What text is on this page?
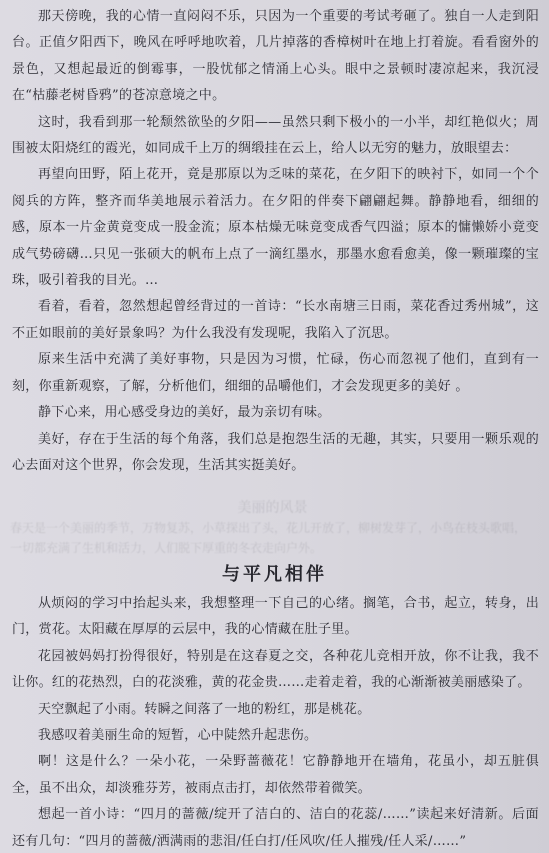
那天傍晚，我的心情一直闷闷不乐，只因为一个重要的考试考砸了。独自一人走到阳台。正值夕阳西下，晚风在呼呼地吹着，几片掉落的香樟树叶在地上打着旋。看看窗外的景色，又想起最近的倒霉事，一股忧郁之情涌上心头。眼中之景顿时凄凉起来，我沉浸在“枯藤老树昏鸦”的苍凉意境之中。

这时，我看到那一轮颓然欲坠的夕阳——虽然只剩下极小的一小半，却红艳似火；周围被太阳烧红的霞光，如同成千上万的绸缎挂在云上，给人以无穷的魅力，放眼望去：

再望向田野，陌上花开，竟是那原以为乏味的菜花，在夕阳下的映衬下，如同一个个阅兵的方阵，整齐而华美地展示着活力。在夕阳的伴奏下翩翩起舞。静静地看，细细的感，原本一片金黄竟变成一股金流；原本枯燥无味竟变成香气四溢；原本的慵懒娇小竟变成气势磅礴…只见一张硕大的帆布上点了一滴红墨水，那墨水愈看愈美，像一颗璀璨的宝珠，吸引着我的目光。…

看着，看着，忽然想起曾经背过的一首诗：“长水南塘三日雨，菜花香过秀州城”，这不正如眼前的美好景象吗？为什么我没有发现呢，我陷入了沉思。

原来生活中充满了美好事物，只是因为习惯，忙碌，伤心而忽视了他们，直到有一刻，你重新观察，了解，分析他们，细细的品嚼他们，才会发现更多的美好 。

静下心来，用心感受身边的美好，最为亲切有味。

美好，存在于生活的每个角落，我们总是抱怨生活的无趣，其实，只要用一颗乐观的心去面对这个世界，你会发现，生活其实挺美好。

美丽的风景
春天是一个美丽的季节，万物复苏，小草探出了头，花儿开放了，柳树发芽了，小鸟在枝头歌唱，一切都充满了生机和活力，人们脱下厚重的冬衣走向户外。
与平凡相伴

从烦闷的学习中抬起头来，我想整理一下自己的心绪。搁笔，合书，起立，转身，出门，赏花。太阳藏在厚厚的云层中，我的心情藏在肚子里。

花园被妈妈打扮得很好，特别是在这春夏之交，各种花儿竞相开放，你不让我，我不让你。红的花热烈，白的花淡雅，黄的花金贵……走着走着，我的心渐渐被美丽感染了。

天空飘起了小雨。转瞬之间落了一地的粉红，那是桃花。

我感叹着美丽生命的短暂，心中陡然升起悲伤。

啊！这是什么？一朵小花，一朵野蔷薇花！它静静地开在墙角，花虽小，却五脏俱全，虽不出众，却淡雅芬芳，被雨点击打，却依然带着微笑。

想起一首小诗：“四月的蔷薇/绽开了洁白的、洁白的花蕊/……”读起来好清新。后面还有几句：“四月的蔷薇/洒满雨的悲泪/任白打/任风吹/任人摧残/任人采/……”
